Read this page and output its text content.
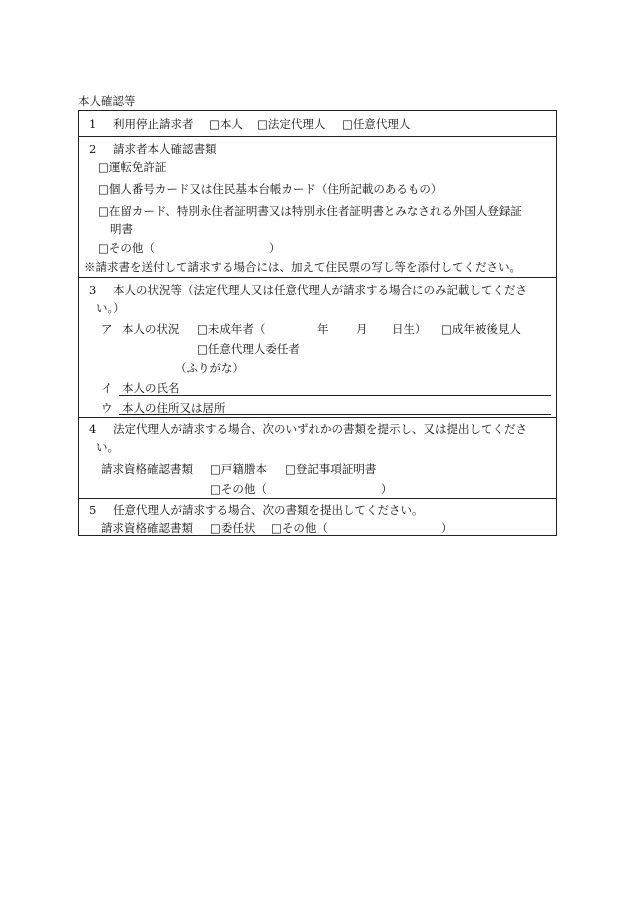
本人確認等
1 利用停止請求者 □本人 □法定代理人 □任意代理人
2 請求者本人確認書類
□運転免許証
□個人番号カード又は住民基本台帳カード（住所記載のあるもの）
□在留カード、特別永住者証明書又は特別永住者証明書とみなされる外国人登録証
明書
□その他（	）
※請求書を送付して請求する場合には、加えて住民票の写し等を添付してください。
3 本人の状況等（法定代理人又は任意代理人が請求する場合にのみ記載してくださ
い。）
ア 本人の状況 □未成年者（	年 月 日生） □成年被後見人
□任意代理人委任者
（ふりがな）
イ 本人の氏名
ウ 本人の住所又は居所
4 法定代理人が請求する場合、次のいずれかの書類を提示し、又は提出してくださ
い。
請求資格確認書類 □戸籍謄本 □登記事項証明書
□その他（	）
5 任意代理人が請求する場合、次の書類を提出してください。
請求資格確認書類 □委任状 □その他（	）
